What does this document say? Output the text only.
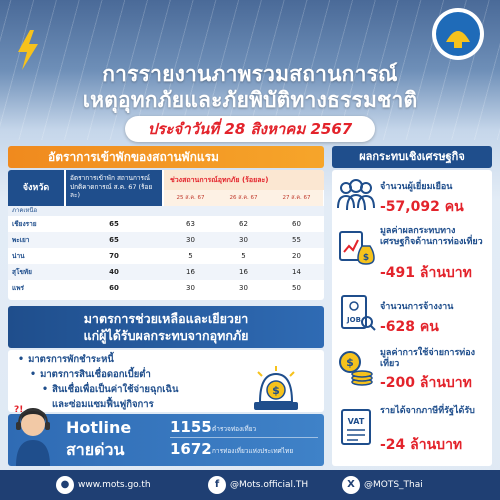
การรายงานภาพรวมสถานการณ์
เหตุอุทกภัยและภัยพิบัติทางธรรมชาติ
ประจำวันที่ 28 สิงหาคม 2567
อัตราการเข้าพักของสถานพักแรม
จังหวัด
อัตราการเข้าพัก สถานการณ์ปกติคาดการณ์ ส.ค. 67 (ร้อยละ)
ช่วงสถานการณ์อุทกภัย (ร้อยละ)
25 ส.ค. 67	26 ส.ค. 67	27 ส.ค. 67
ภาคเหนือ
เชียงราย	65	63	62	60
พะเยา	65	30	30	55
น่าน	70	5	5	20
สุโขทัย	40	16	16	14
แพร่	60	30	30	50
มาตรการช่วยเหลือและเยียวยา
แก่ผู้ได้รับผลกระทบจากอุทกภัย
• มาตรการพักชำระหนี้
• มาตรการสินเชื่อดอกเบี้ยต่ำ
• สินเชื่อเพื่อเป็นค่าใช้จ่ายฉุกเฉิน
และซ่อมแซมฟื้นฟูกิจการ
$
?!
Hotline
สายด่วน
1155 ตำรวจท่องเที่ยว
1672 การท่องเที่ยวแห่งประเทศไทย
ผลกระทบเชิงเศรษฐกิจ
จำนวนผู้เยี่ยมเยือน
-57,092 คน
$
มูลค่าผลกระทบทางเศรษฐกิจด้านการท่องเที่ยว
-491 ล้านบาท
JOB
จำนวนการจ้างงาน
-628 คน
$
มูลค่าการใช้จ่ายการท่องเที่ยว
-200 ล้านบาท
VAT
รายได้จากภาษีที่รัฐได้รับ
-24 ล้านบาท
● www.mots.go.th	f	@Mots.official.TH	X	@MOTS_Thai
